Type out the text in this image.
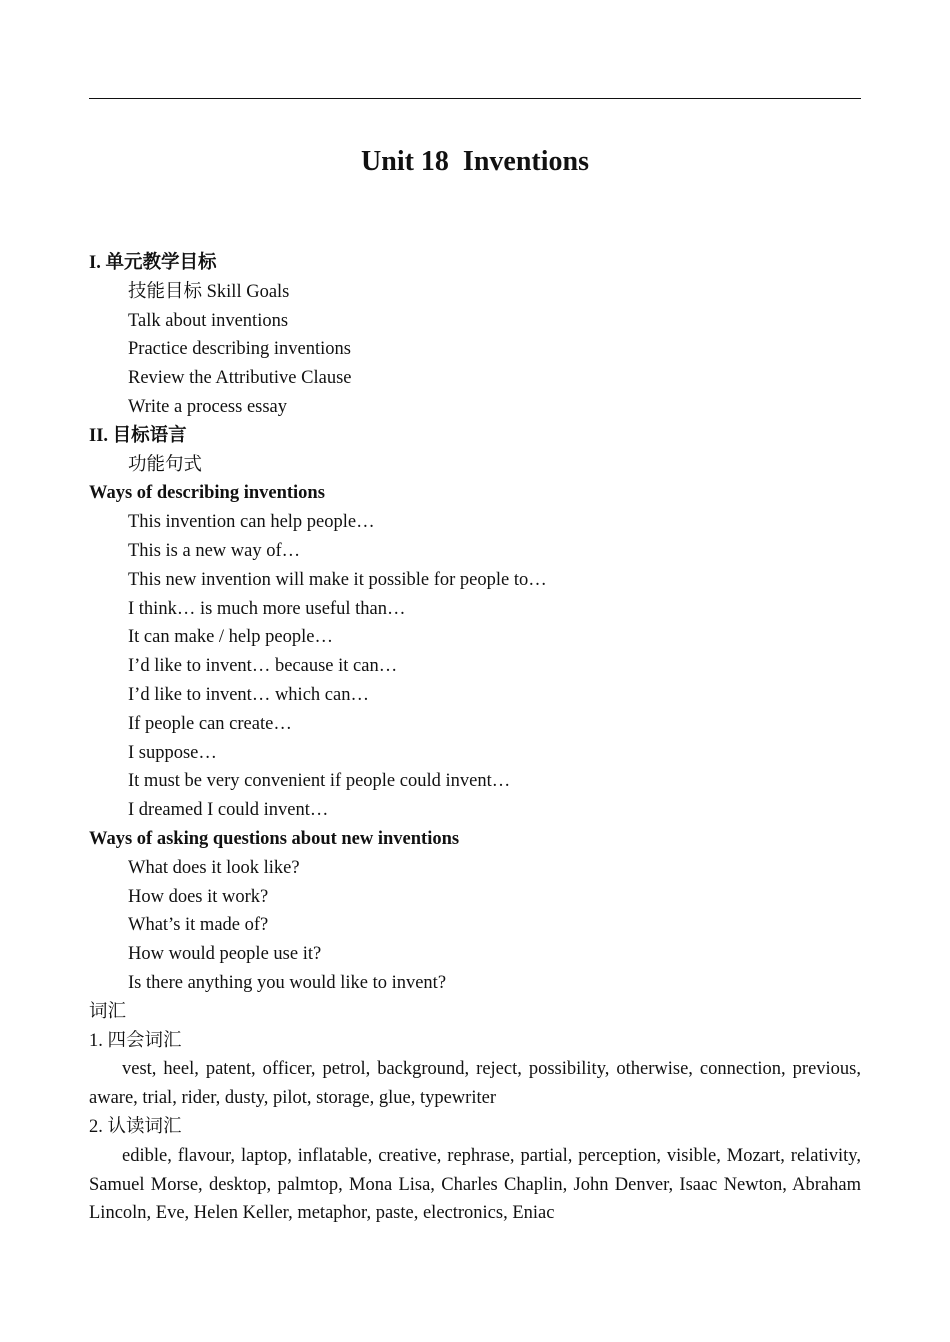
Unit 18  Inventions
I. 单元教学目标
技能目标 Skill Goals
Talk about inventions
Practice describing inventions
Review the Attributive Clause
Write a process essay
II. 目标语言
功能句式
Ways of describing inventions
This invention can help people…
This is a new way of…
This new invention will make it possible for people to…
I think… is much more useful than…
It can make / help people…
I’d like to invent… because it can…
I’d like to invent… which can…
If people can create…
I suppose…
It must be very convenient if people could invent…
I dreamed I could invent…
Ways of asking questions about new inventions
What does it look like?
How does it work?
What’s it made of?
How would people use it?
Is there anything you would like to invent?
词汇
1. 四会词汇
vest, heel, patent, officer, petrol, background, reject, possibility, otherwise, connection, previous, aware, trial, rider, dusty, pilot, storage, glue, typewriter
2. 认读词汇
edible, flavour, laptop, inflatable, creative, rephrase, partial, perception, visible, Mozart, relativity, Samuel Morse, desktop, palmtop, Mona Lisa, Charles Chaplin, John Denver, Isaac Newton, Abraham Lincoln, Eve, Helen Keller, metaphor, paste, electronics, Eniac
